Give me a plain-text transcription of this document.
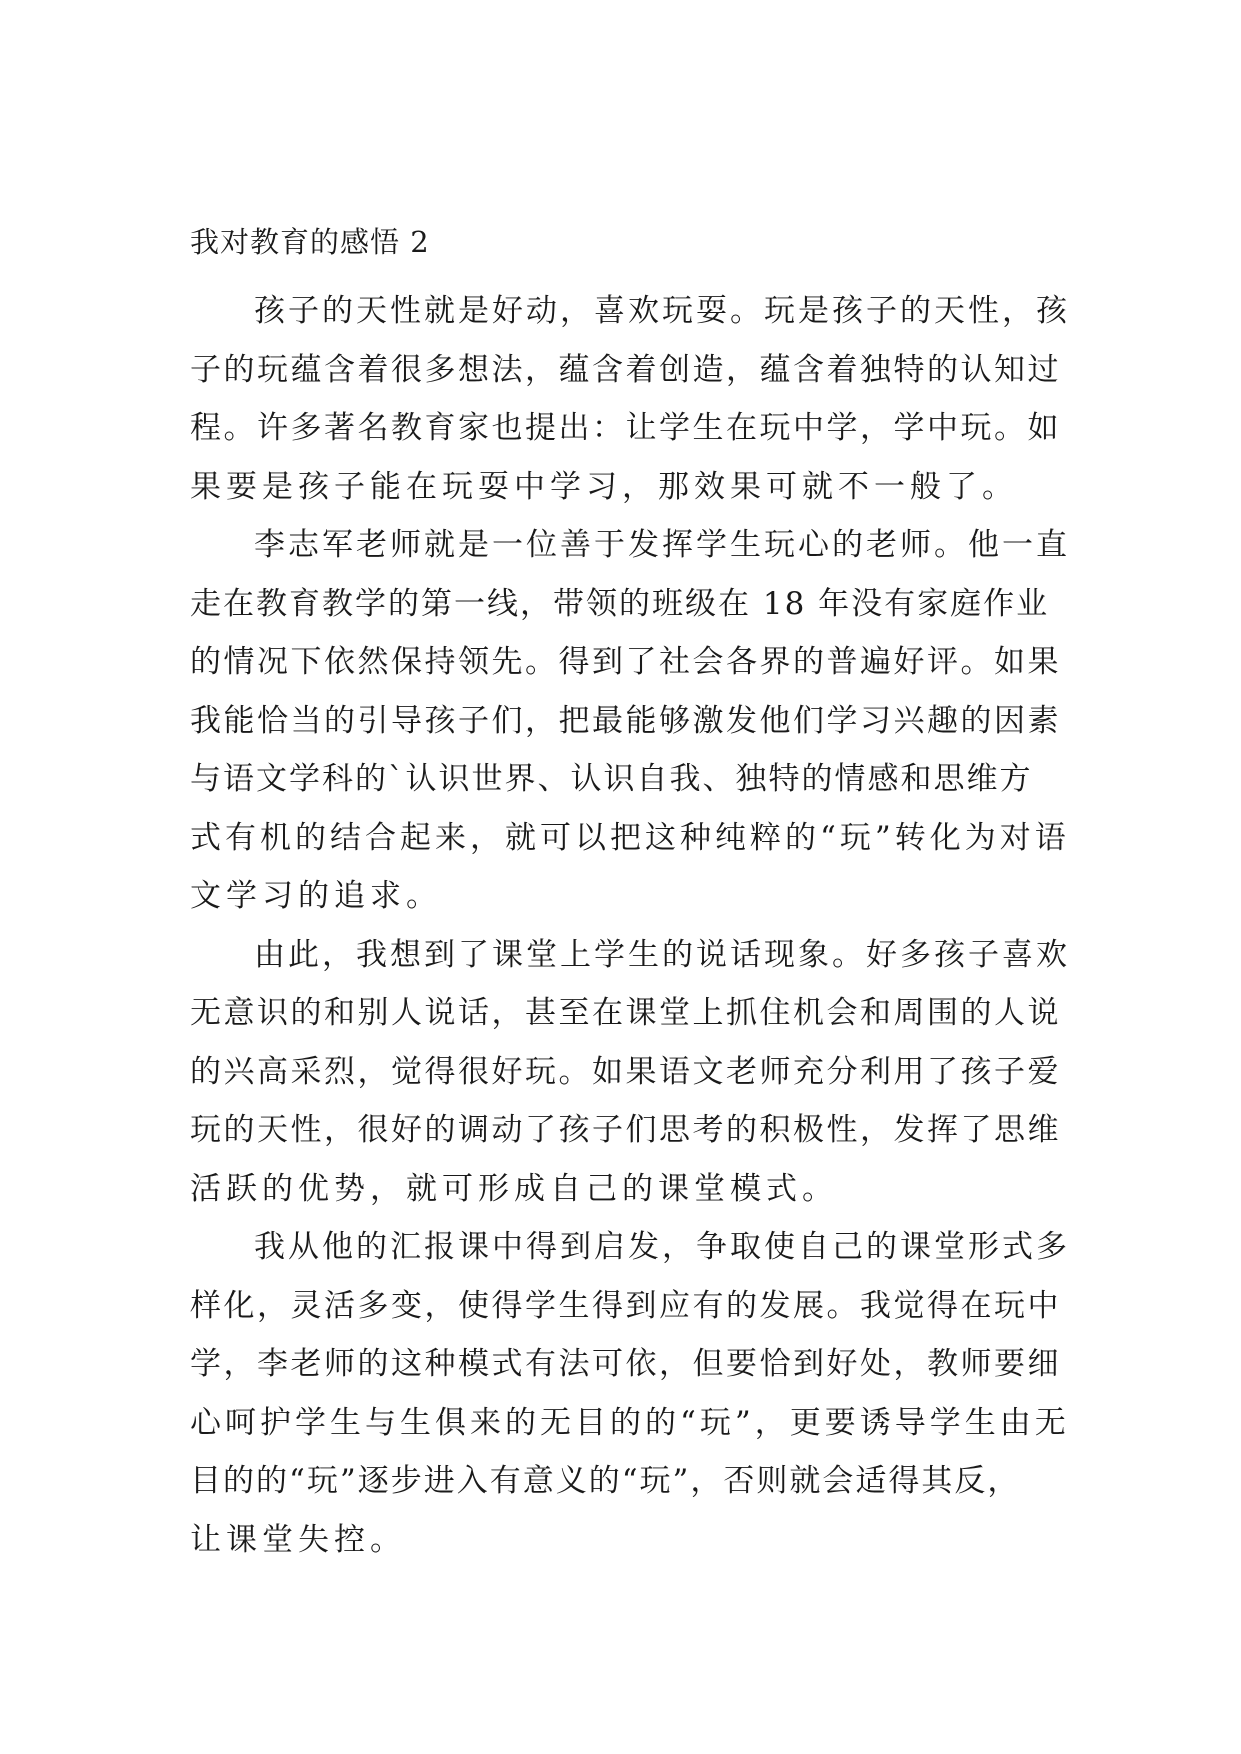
我对教育的感悟 2

孩子的天性就是好动，喜欢玩耍。玩是孩子的天性，孩
子的玩蕴含着很多想法，蕴含着创造，蕴含着独特的认知过
程。许多著名教育家也提出：让学生在玩中学，学中玩。如
果要是孩子能在玩耍中学习，那效果可就不一般了。

李志军老师就是一位善于发挥学生玩心的老师。他一直
走在教育教学的第一线，带领的班级在 18 年没有家庭作业
的情况下依然保持领先。得到了社会各界的普遍好评。如果
我能恰当的引导孩子们，把最能够激发他们学习兴趣的因素
与语文学科的`认识世界、认识自我、独特的情感和思维方
式有机的结合起来，就可以把这种纯粹的“玩”转化为对语
文学习的追求。

由此，我想到了课堂上学生的说话现象。好多孩子喜欢
无意识的和别人说话，甚至在课堂上抓住机会和周围的人说
的兴高采烈，觉得很好玩。如果语文老师充分利用了孩子爱
玩的天性，很好的调动了孩子们思考的积极性，发挥了思维
活跃的优势，就可形成自己的课堂模式。

我从他的汇报课中得到启发，争取使自己的课堂形式多
样化，灵活多变，使得学生得到应有的发展。我觉得在玩中
学，李老师的这种模式有法可依，但要恰到好处，教师要细
心呵护学生与生俱来的无目的的“玩”，更要诱导学生由无
目的的“玩”逐步进入有意义的“玩”，否则就会适得其反，
让课堂失控。
